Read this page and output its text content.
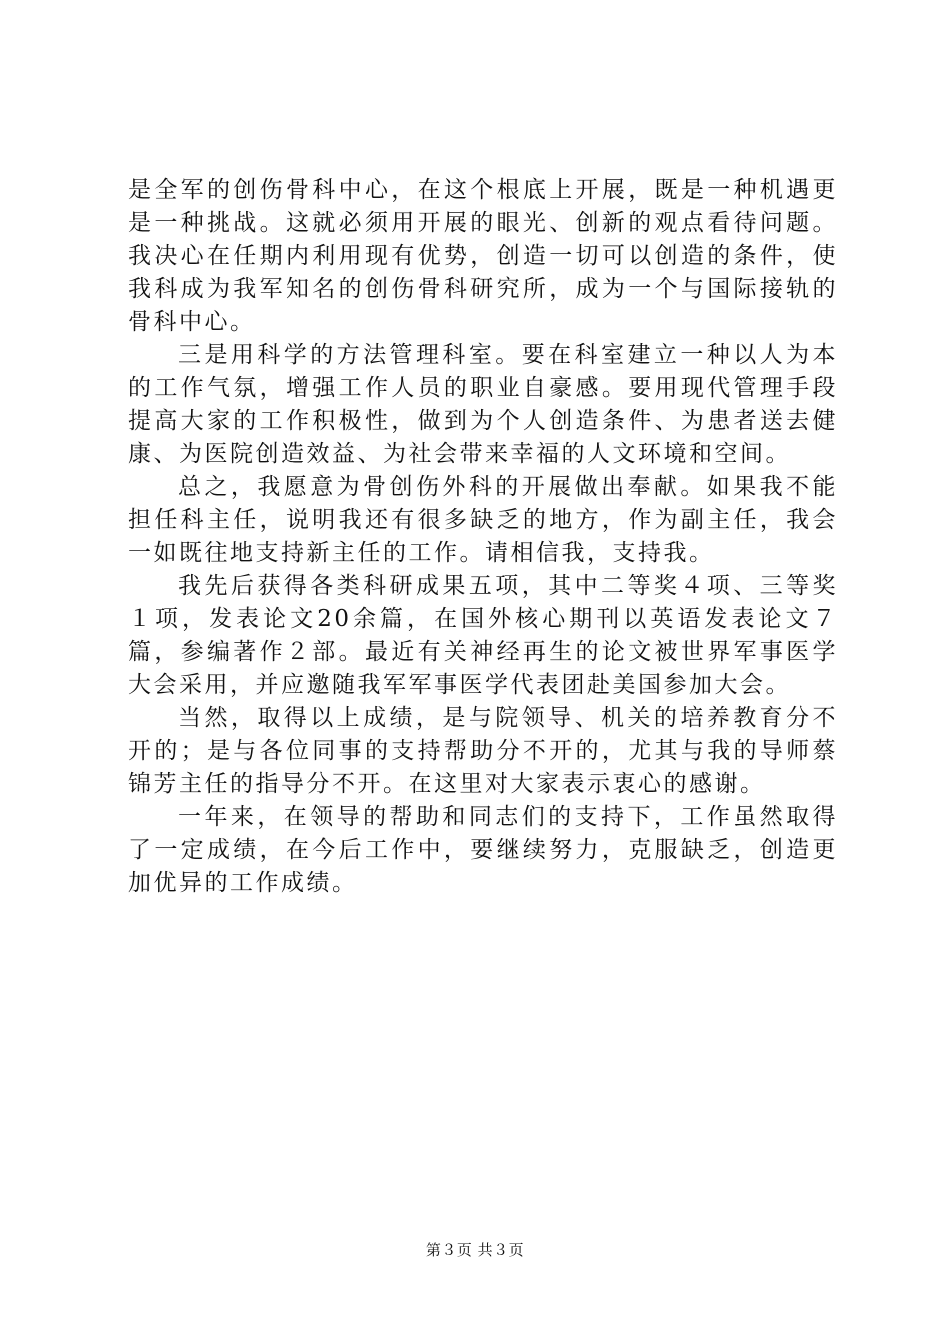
是全军的创伤骨科中心，在这个根底上开展，既是一种机遇更是一种挑战。这就必须用开展的眼光、创新的观点看待问题。我决心在任期内利用现有优势，创造一切可以创造的条件，使我科成为我军知名的创伤骨科研究所，成为一个与国际接轨的骨科中心。

三是用科学的方法管理科室。要在科室建立一种以人为本的工作气氛，增强工作人员的职业自豪感。要用现代管理手段提高大家的工作积极性，做到为个人创造条件、为患者送去健康、为医院创造效益、为社会带来幸福的人文环境和空间。

总之，我愿意为骨创伤外科的开展做出奉献。如果我不能担任科主任，说明我还有很多缺乏的地方，作为副主任，我会一如既往地支持新主任的工作。请相信我，支持我。

我先后获得各类科研成果五项，其中二等奖４项、三等奖１项，发表论文20余篇，在国外核心期刊以英语发表论文７篇，参编著作２部。最近有关神经再生的论文被世界军事医学大会采用，并应邀随我军军事医学代表团赴美国参加大会。

当然，取得以上成绩，是与院领导、机关的培养教育分不开的；是与各位同事的支持帮助分不开的，尤其与我的导师蔡锦芳主任的指导分不开。在这里对大家表示衷心的感谢。

一年来，在领导的帮助和同志们的支持下，工作虽然取得了一定成绩，在今后工作中，要继续努力，克服缺乏，创造更加优异的工作成绩。

第３页 共３页
